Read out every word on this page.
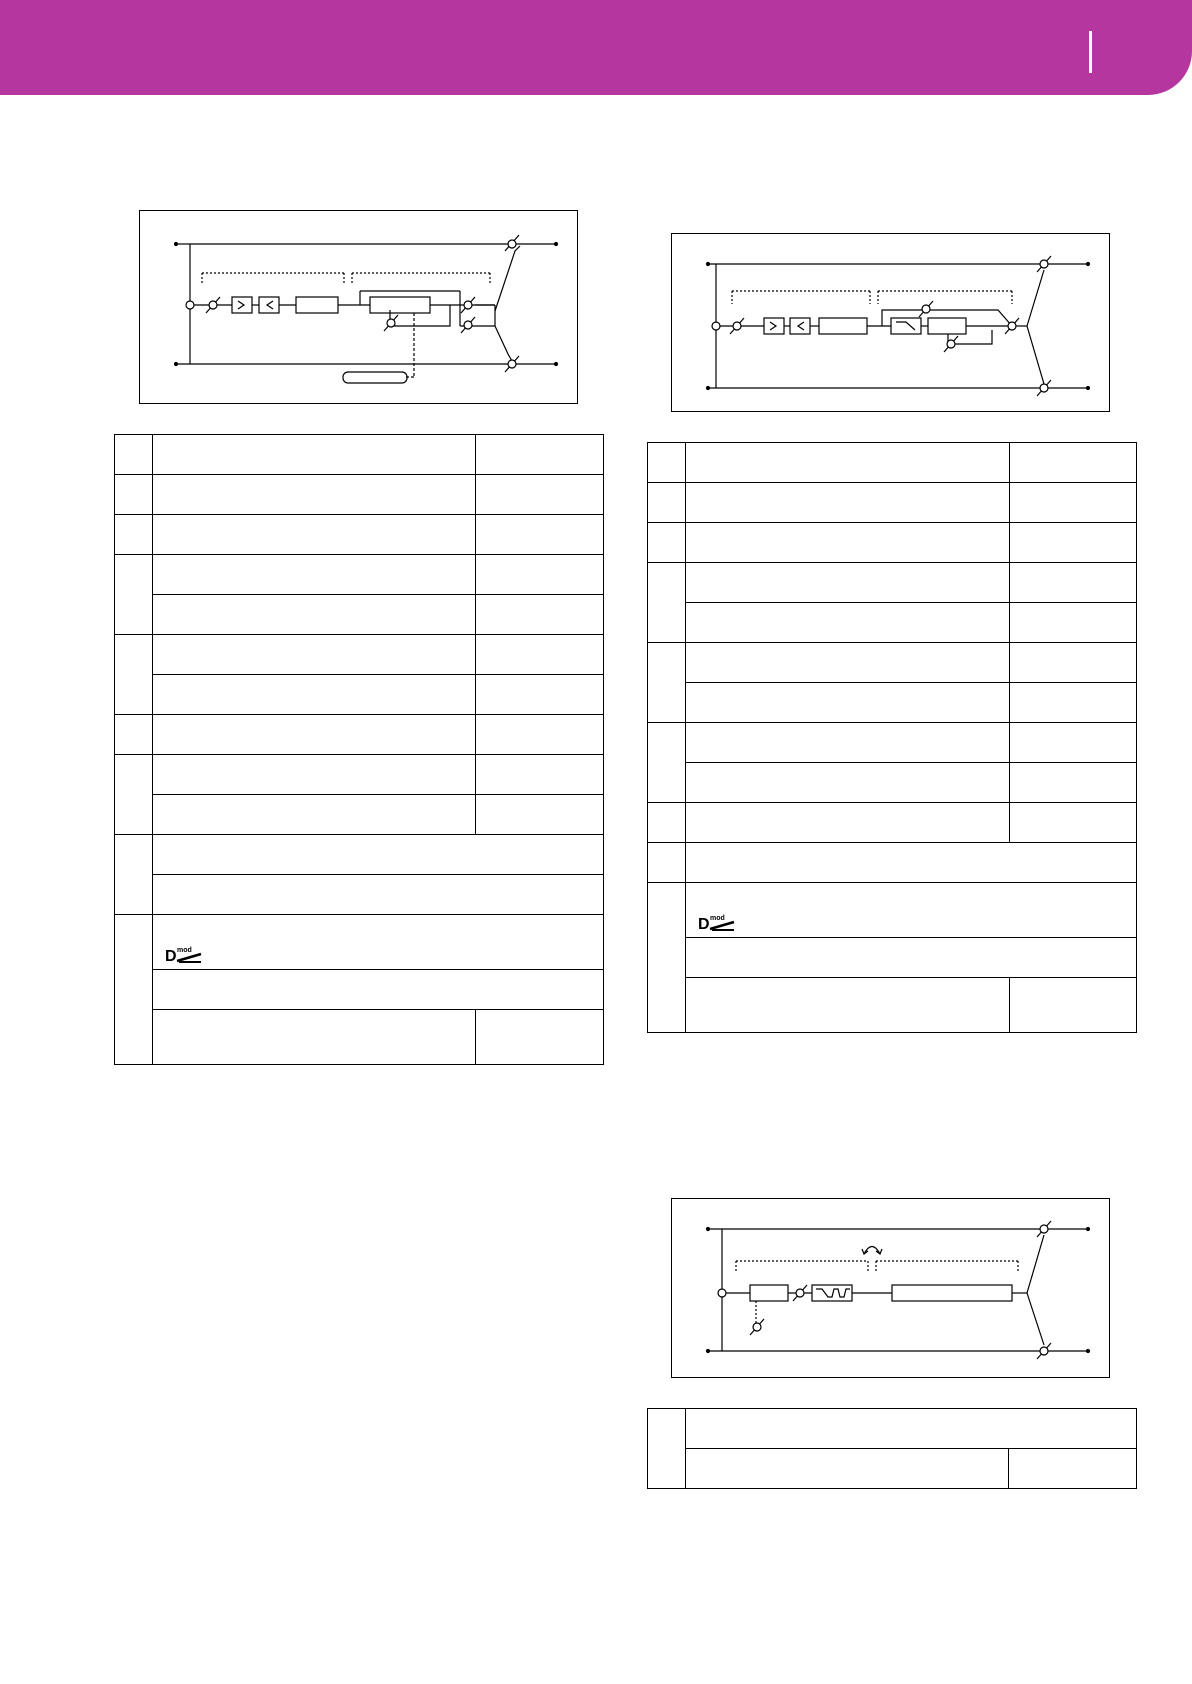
D mod	

D mod	
